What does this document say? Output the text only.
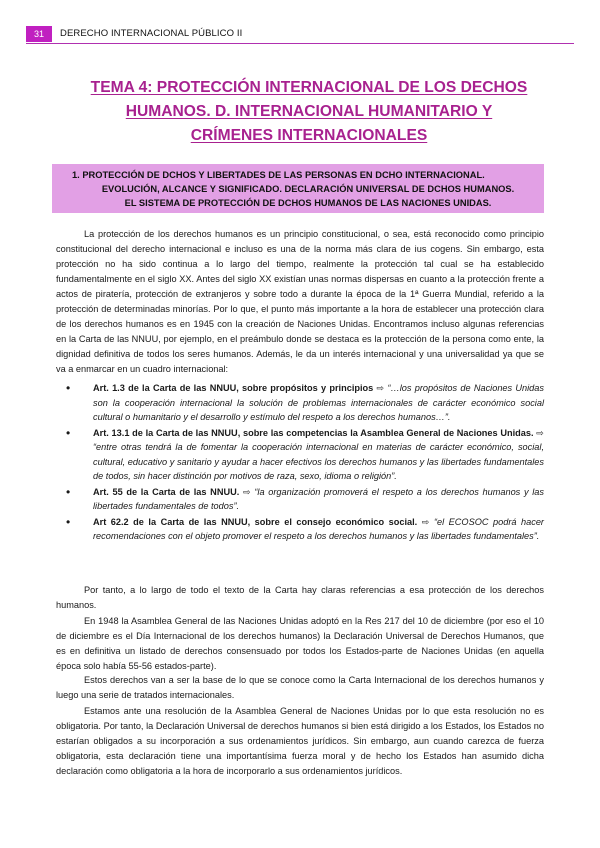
31	DERECHO INTERNACIONAL PÚBLICO II
TEMA 4: PROTECCIÓN INTERNACIONAL DE LOS DECHOS
HUMANOS. D. INTERNACIONAL HUMANITARIO Y
CRÍMENES INTERNACIONALES
1. PROTECCIÓN DE DCHOS Y LIBERTADES DE LAS PERSONAS EN DCHO INTERNACIONAL.
EVOLUCIÓN, ALCANCE Y SIGNIFICADO. DECLARACIÓN UNIVERSAL DE DCHOS HUMANOS.
EL SISTEMA DE PROTECCIÓN DE DCHOS HUMANOS DE LAS NACIONES UNIDAS.

La protección de los derechos humanos es un principio constitucional, o sea, está reconocido como principio constitucional del derecho internacional e incluso es una de la norma más clara de ius cogens. Sin embargo, esta protección no ha sido continua a lo largo del tiempo, realmente la protección tal cual se ha establecido fundamentalmente en el siglo XX. Antes del siglo XX existían unas normas dispersas en cuanto a la protección frente a actos de piratería, protección de extranjeros y sobre todo a durante la época de la 1ª Guerra Mundial, referido a la protección de determinadas minorías. Por lo que, el punto más importante a la hora de establecer una protección clara de los derechos humanos es en 1945 con la creación de Naciones Unidas. Encontramos incluso algunas referencias en la Carta de las NNUU, por ejemplo, en el preámbulo donde se destaca es la protección de la persona como ente, la dignidad definitiva de todos los seres humanos. Además, le da un interés internacional y una universalidad ya que se va a enmarcar en un cuadro internacional:

• Art. 1.3 de la Carta de las NNUU, sobre propósitos y principios ⇨ “…los propósitos de Naciones Unidas son la cooperación internacional la solución de problemas internacionales de carácter económico social cultural o humanitario y el desarrollo y estímulo del respeto a los derechos humanos…”.
• Art. 13.1 de la Carta de las NNUU, sobre las competencias la Asamblea General de Naciones Unidas. ⇨ “entre otras tendrá la de fomentar la cooperación internacional en materias de carácter económico, social, cultural, educativo y sanitario y ayudar a hacer efectivos los derechos humanos y las libertades fundamentales de todos, sin hacer distinción por motivos de raza, sexo, idioma o religión”.
• Art. 55 de la Carta de las NNUU. ⇨ “la organización promoverá el respeto a los derechos humanos y las libertades fundamentales de todos”.
• Art 62.2 de la Carta de las NNUU, sobre el consejo económico social. ⇨ “el ECOSOC podrá hacer recomendaciones con el objeto promover el respeto a los derechos humanos y las libertades fundamentales”.

Por tanto, a lo largo de todo el texto de la Carta hay claras referencias a esa protección de los derechos humanos.

En 1948 la Asamblea General de las Naciones Unidas adoptó en la Res 217 del 10 de diciembre (por eso el 10 de diciembre es el Día Internacional de los derechos humanos) la Declaración Universal de Derechos Humanos, que es en definitiva un listado de derechos consensuado por todos los Estados-parte de Naciones Unidas (en aquella época solo había 55-56 estados-parte).

Estos derechos van a ser la base de lo que se conoce como la Carta Internacional de los derechos humanos y luego una serie de tratados internacionales.

Estamos ante una resolución de la Asamblea General de Naciones Unidas por lo que esta resolución no es obligatoria. Por tanto, la Declaración Universal de derechos humanos si bien está dirigido a los Estados, los Estados no estarían obligados a su incorporación a sus ordenamientos jurídicos. Sin embargo, aun cuando carezca de fuerza obligatoria, esta declaración tiene una importantísima fuerza moral y de hecho los Estados han asumido dicha declaración como obligatoria a la hora de incorporarlo a sus ordenamientos jurídicos.
